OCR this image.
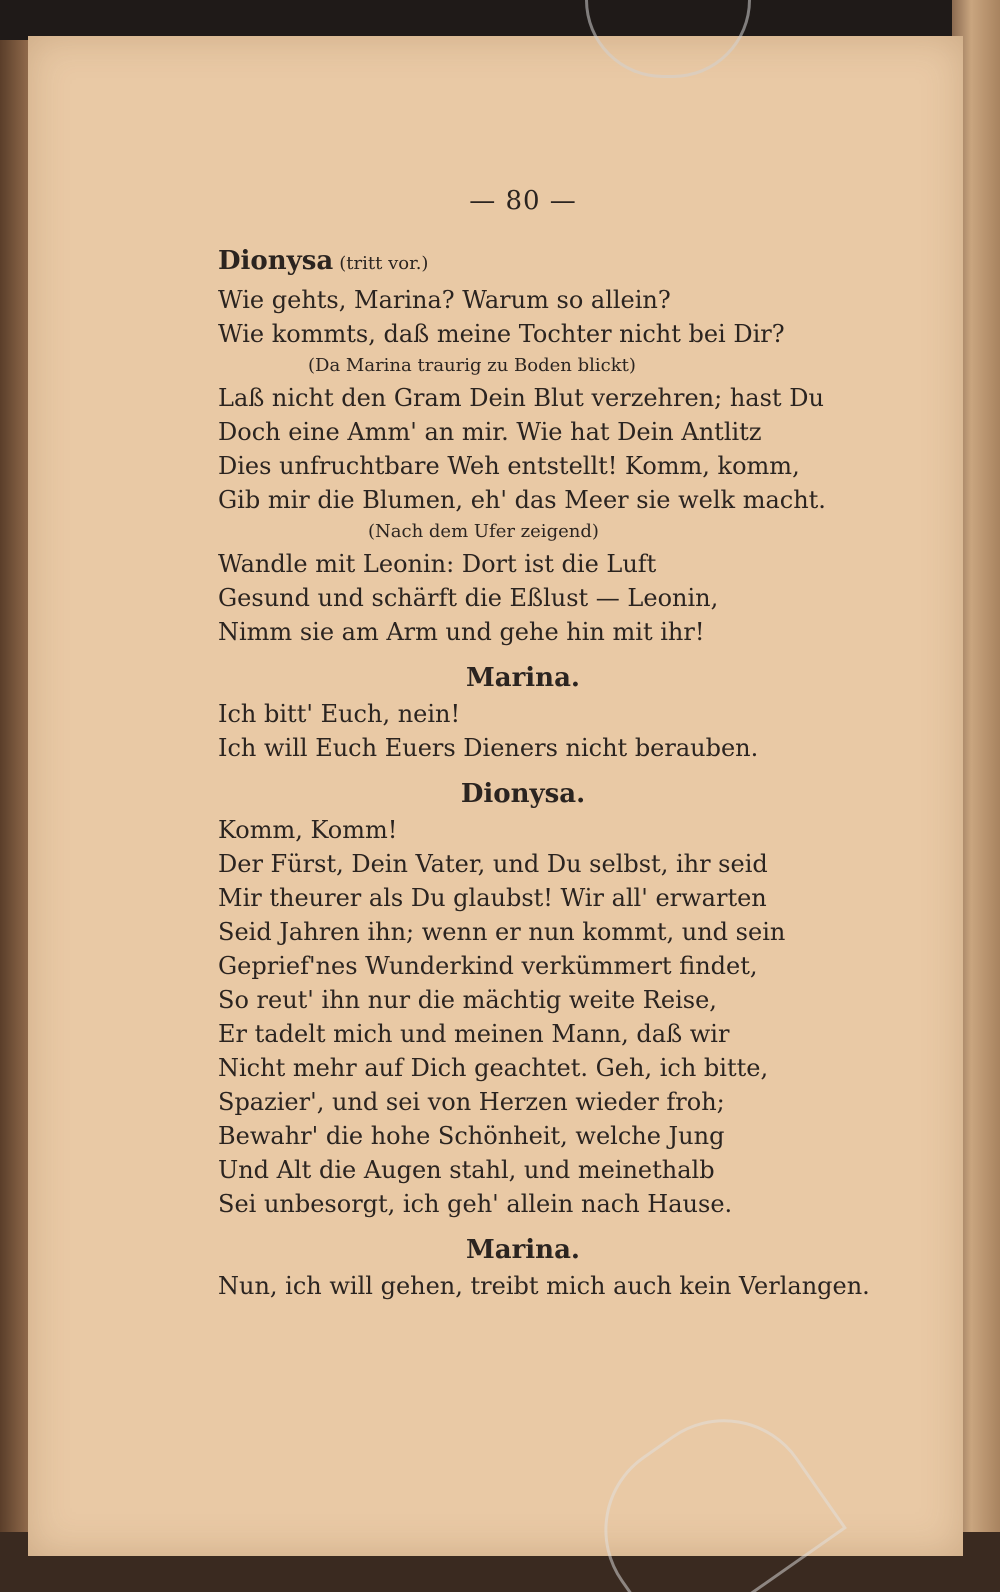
— 80 —
Dionysa (tritt vor.)
Wie gehts, Marina? Warum so allein?
Wie kommts, daß meine Tochter nicht bei Dir?
(Da Marina traurig zu Boden blickt)
Laß nicht den Gram Dein Blut verzehren; hast Du
Doch eine Amm' an mir. Wie hat Dein Antlitz
Dies unfruchtbare Weh entstellt! Komm, komm,
Gib mir die Blumen, eh' das Meer sie welk macht.
(Nach dem Ufer zeigend)
Wandle mit Leonin: Dort ist die Luft
Gesund und schärft die Eßlust — Leonin,
Nimm sie am Arm und gehe hin mit ihr!
Marina.
Ich bitt' Euch, nein!
Ich will Euch Euers Dieners nicht berauben.
Dionysa.
Komm, Komm!
Der Fürst, Dein Vater, und Du selbst, ihr seid
Mir theurer als Du glaubst! Wir all' erwarten
Seid Jahren ihn; wenn er nun kommt, und sein
Geprief'nes Wunderkind verkümmert findet,
So reut' ihn nur die mächtig weite Reise,
Er tadelt mich und meinen Mann, daß wir
Nicht mehr auf Dich geachtet. Geh, ich bitte,
Spazier', und sei von Herzen wieder froh;
Bewahr' die hohe Schönheit, welche Jung
Und Alt die Augen stahl, und meinethalb
Sei unbesorgt, ich geh' allein nach Hause.
Marina.
Nun, ich will gehen, treibt mich auch kein Verlangen.
